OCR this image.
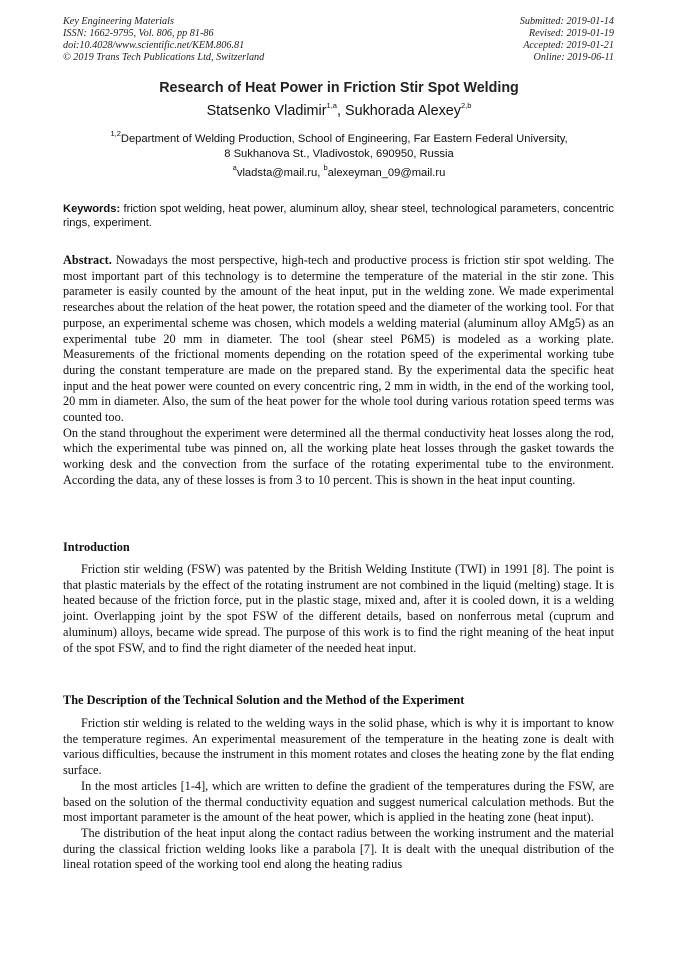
Key Engineering Materials
ISSN: 1662-9795, Vol. 806, pp 81-86
doi:10.4028/www.scientific.net/KEM.806.81
© 2019 Trans Tech Publications Ltd, Switzerland
Submitted: 2019-01-14
Revised: 2019-01-19
Accepted: 2019-01-21
Online: 2019-06-11
Research of Heat Power in Friction Stir Spot Welding
Statsenko Vladimir$^{1,a}$, Sukhorada Alexey$^{2,b}$
$^{1,2}$Department of Welding Production, School of Engineering, Far Eastern Federal University,
8 Sukhanova St., Vladivostok, 690950, Russia
$^a$vladsta@mail.ru, $^b$alexeyman_09@mail.ru
Keywords: friction spot welding, heat power, aluminum alloy, shear steel, technological parameters, concentric rings, experiment.

Abstract. Nowadays the most perspective, high-tech and productive process is friction stir spot welding. The most important part of this technology is to determine the temperature of the material in the stir zone. This parameter is easily counted by the amount of the heat input, put in the welding zone. We made experimental researches about the relation of the heat power, the rotation speed and the diameter of the working tool. For that purpose, an experimental scheme was chosen, which models a welding material (aluminum alloy AMg5) as an experimental tube 20 mm in diameter. The tool (shear steel P6M5) is modeled as a working plate. Measurements of the frictional moments depending on the rotation speed of the experimental working tube during the constant temperature are made on the prepared stand. By the experimental data the specific heat input and the heat power were counted on every concentric ring, 2 mm in width, in the end of the working tool, 20 mm in diameter. Also, the sum of the heat power for the whole tool during various rotation speed terms was counted too.

On the stand throughout the experiment were determined all the thermal conductivity heat losses along the rod, which the experimental tube was pinned on, all the working plate heat losses through the gasket towards the working desk and the convection from the surface of the rotating experimental tube to the environment. According the data, any of these losses is from 3 to 10 percent. This is shown in the heat input counting.

Introduction

Friction stir welding (FSW) was patented by the British Welding Institute (TWI) in 1991 [8]. The point is that plastic materials by the effect of the rotating instrument are not combined in the liquid (melting) stage. It is heated because of the friction force, put in the plastic stage, mixed and, after it is cooled down, it is a welding joint. Overlapping joint by the spot FSW of the different details, based on nonferrous metal (cuprum and aluminum) alloys, became wide spread. The purpose of this work is to find the right meaning of the heat input of the spot FSW, and to find the right diameter of the needed heat input.

The Description of the Technical Solution and the Method of the Experiment

Friction stir welding is related to the welding ways in the solid phase, which is why it is important to know the temperature regimes. An experimental measurement of the temperature in the heating zone is dealt with various difficulties, because the instrument in this moment rotates and closes the heating zone by the flat ending surface.

In the most articles [1-4], which are written to define the gradient of the temperatures during the FSW, are based on the solution of the thermal conductivity equation and suggest numerical calculation methods. But the most important parameter is the amount of the heat power, which is applied in the heating zone (heat input).

The distribution of the heat input along the contact radius between the working instrument and the material during the classical friction welding looks like a parabola [7]. It is dealt with the unequal distribution of the lineal rotation speed of the working tool end along the heating radius
